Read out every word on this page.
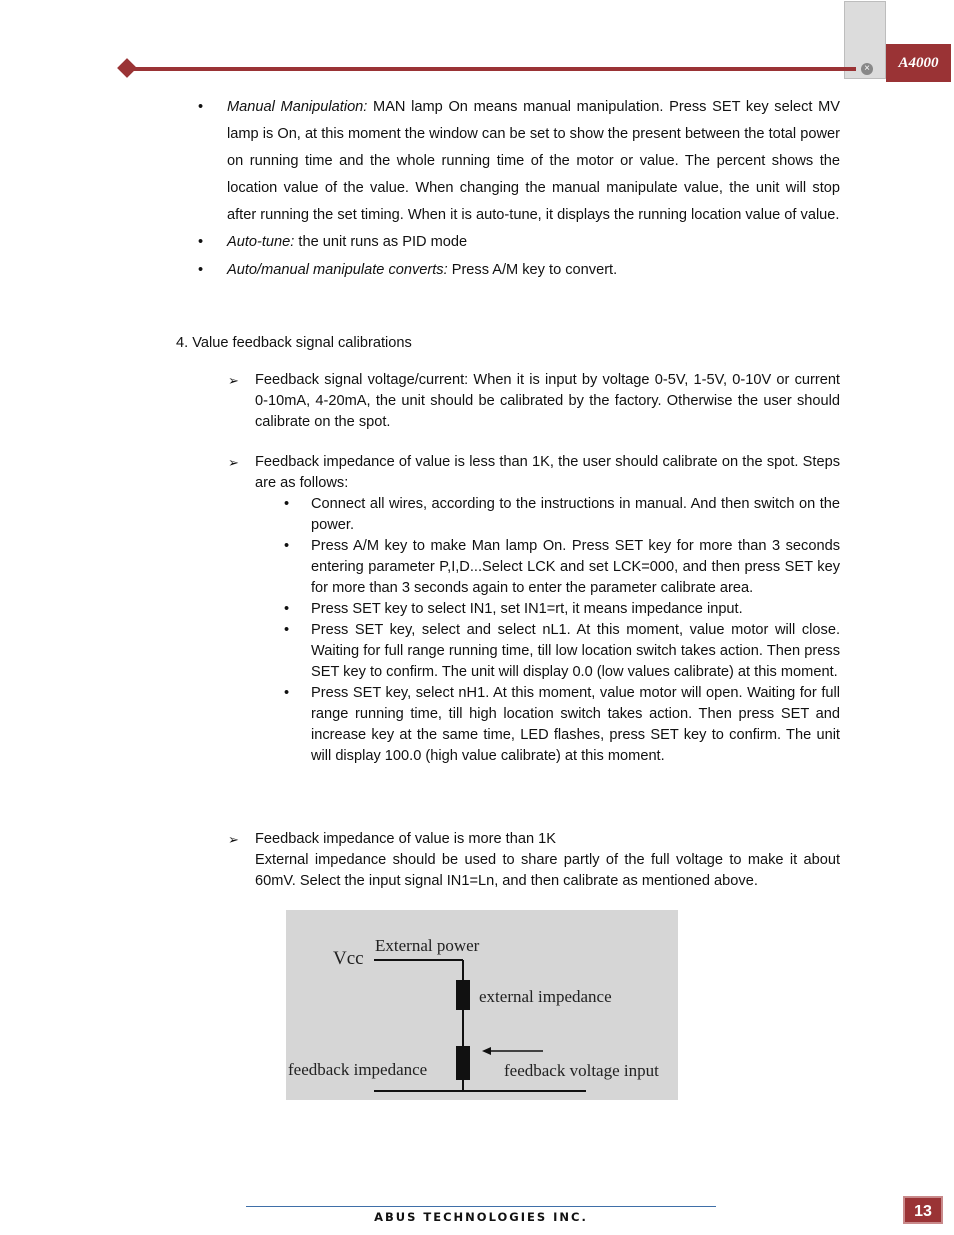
×	A4000
• Manual Manipulation: MAN lamp On means manual manipulation. Press SET key select MV lamp is On, at this moment the window can be set to show the present between the total power on running time and the whole running time of the motor or value. The percent shows the location value of the value. When changing the manual manipulate value, the unit will stop after running the set timing. When it is auto-tune, it displays the running location value of value.
• Auto-tune: the unit runs as PID mode
• Auto/manual manipulate converts: Press A/M key to convert.
4. Value feedback signal calibrations
➢ Feedback signal voltage/current: When it is input by voltage 0-5V, 1-5V, 0-10V or current 0-10mA, 4-20mA, the unit should be calibrated by the factory. Otherwise the user should calibrate on the spot.
➢ Feedback impedance of value is less than 1K, the user should calibrate on the spot. Steps are as follows:
• Connect all wires, according to the instructions in manual. And then switch on the power.
• Press A/M key to make Man lamp On. Press SET key for more than 3 seconds entering parameter P,I,D...Select LCK and set LCK=000, and then press SET key for more than 3 seconds again to enter the parameter calibrate area.
• Press SET key to select IN1, set IN1=rt, it means impedance input.
• Press SET key, select and select nL1. At this moment, value motor will close. Waiting for full range running time, till low location switch takes action. Then press SET key to confirm. The unit will display 0.0 (low values calibrate) at this moment.
• Press SET key, select nH1. At this moment, value motor will open. Waiting for full range running time, till high location switch takes action. Then press SET and increase key at the same time, LED flashes, press SET key to confirm. The unit will display 100.0 (high value calibrate) at this moment.
➢ Feedback impedance of value is more than 1K
External impedance should be used to share partly of the full voltage to make it about 60mV. Select the input signal IN1=Ln, and then calibrate as mentioned above.
Vcc
External power
external impedance
feedback impedance	feedback voltage input
ABUS TECHNOLOGIES INC.	13
